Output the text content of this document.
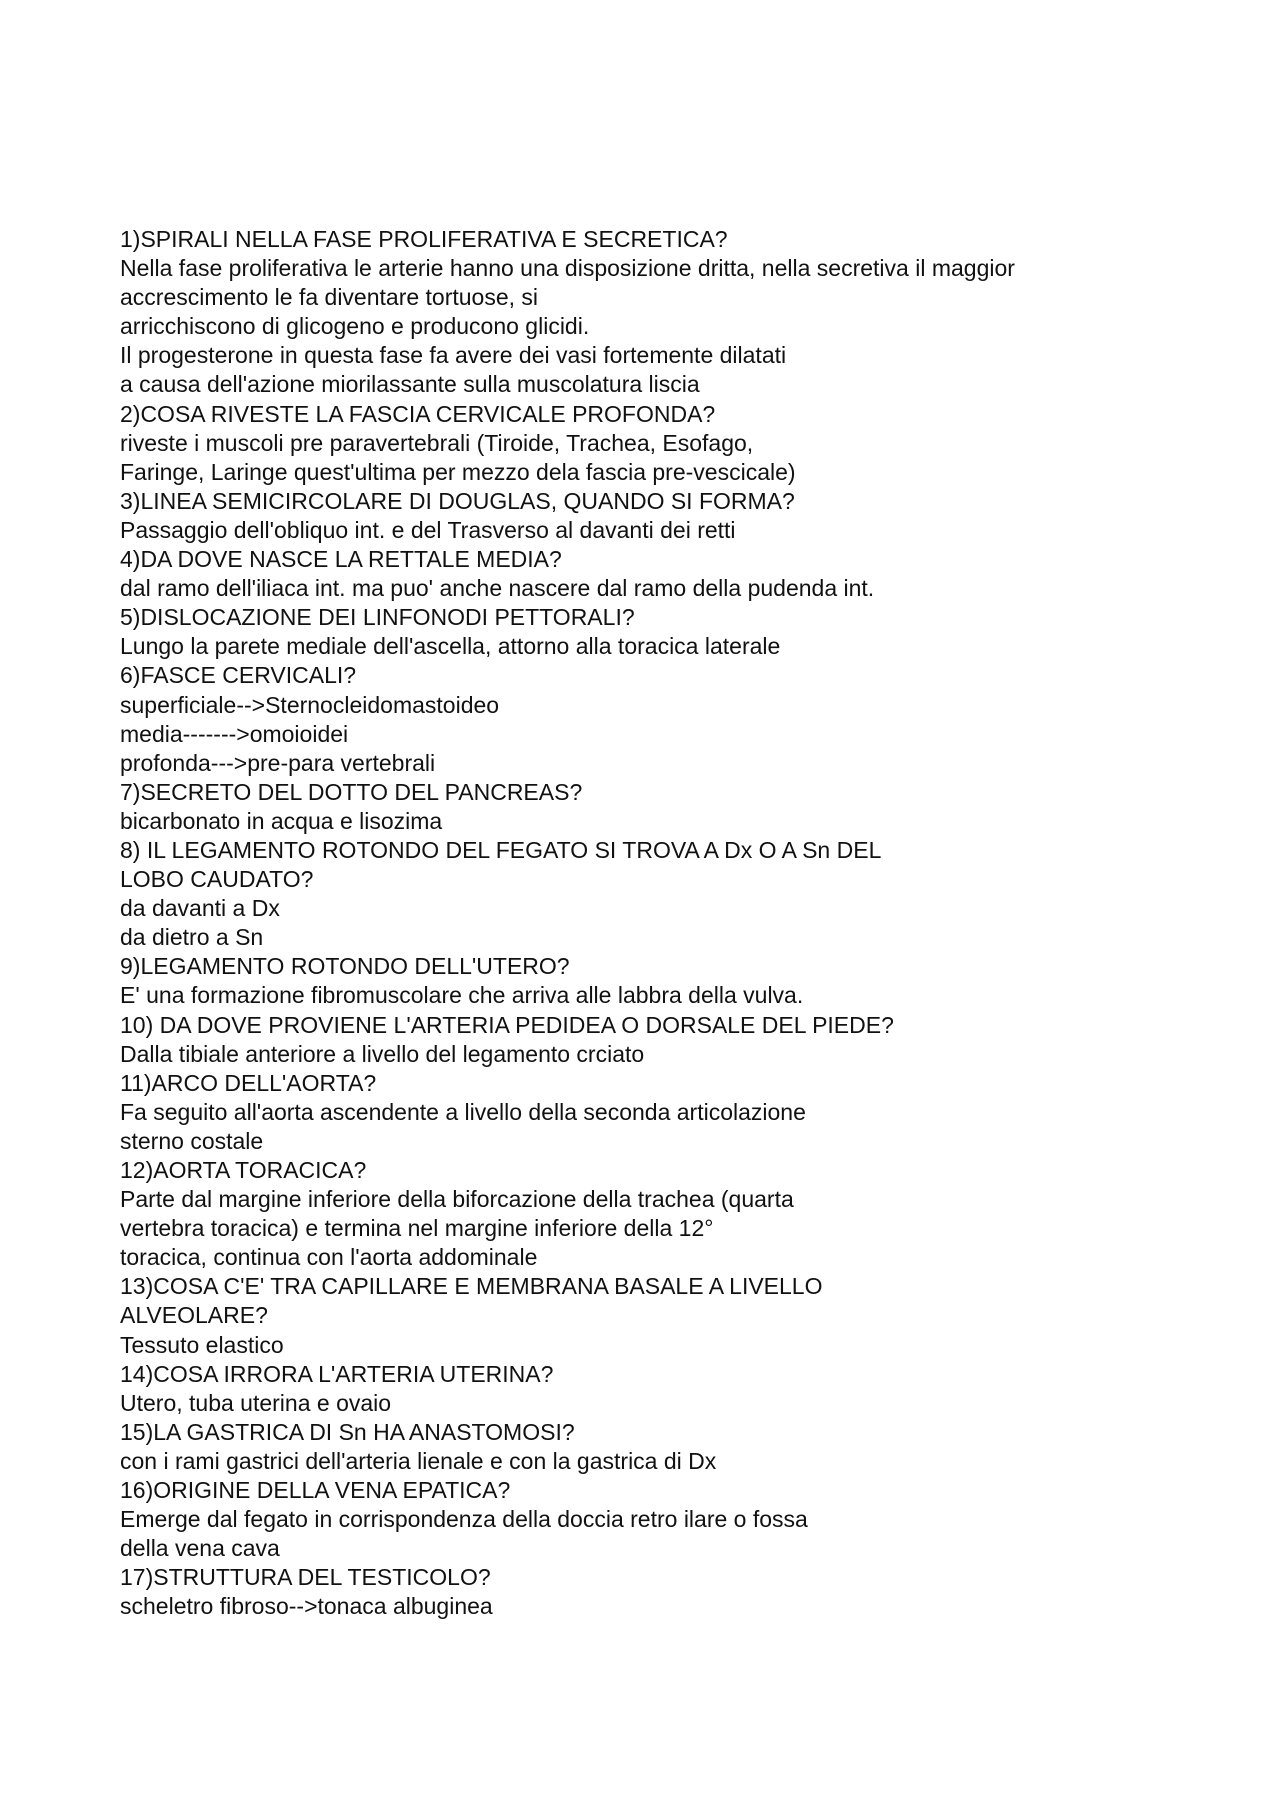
1)SPIRALI NELLA FASE PROLIFERATIVA E SECRETICA?
Nella fase proliferativa le arterie hanno una disposizione dritta, nella secretiva il maggior
accrescimento le fa diventare tortuose, si
arricchiscono di glicogeno e producono glicidi.
Il progesterone in questa fase fa avere dei vasi fortemente dilatati
a causa dell'azione miorilassante sulla muscolatura liscia
2)COSA RIVESTE LA FASCIA CERVICALE PROFONDA?
riveste i muscoli pre paravertebrali (Tiroide, Trachea, Esofago,
Faringe, Laringe quest'ultima per mezzo dela fascia pre-vescicale)
3)LINEA SEMICIRCOLARE DI DOUGLAS, QUANDO SI FORMA?
Passaggio dell'obliquo int. e del Trasverso al davanti dei retti
4)DA DOVE NASCE LA RETTALE MEDIA?
dal ramo dell'iliaca int. ma puo' anche nascere dal ramo della pudenda int.
5)DISLOCAZIONE DEI LINFONODI PETTORALI?
Lungo la parete mediale dell'ascella, attorno alla toracica laterale
6)FASCE CERVICALI?
superficiale-->Sternocleidomastoideo
media------->omoioidei
profonda--->pre-para vertebrali
7)SECRETO DEL DOTTO DEL PANCREAS?
bicarbonato in acqua e lisozima
8) IL LEGAMENTO ROTONDO DEL FEGATO SI TROVA A Dx O A Sn DEL
LOBO CAUDATO?
da davanti a Dx
da dietro a Sn
9)LEGAMENTO ROTONDO DELL'UTERO?
E' una formazione fibromuscolare che arriva alle labbra della vulva.
10) DA DOVE PROVIENE L'ARTERIA PEDIDEA O DORSALE DEL PIEDE?
Dalla tibiale anteriore a livello del legamento crciato
11)ARCO DELL'AORTA?
Fa seguito all'aorta ascendente a livello della seconda articolazione
sterno costale
12)AORTA TORACICA?
Parte dal margine inferiore della biforcazione della trachea (quarta
vertebra toracica) e termina nel margine inferiore della 12°
toracica, continua con l'aorta addominale
13)COSA C'E' TRA CAPILLARE E MEMBRANA BASALE A LIVELLO
ALVEOLARE?
Tessuto elastico
14)COSA IRRORA L'ARTERIA UTERINA?
Utero, tuba uterina e ovaio
15)LA GASTRICA DI Sn HA ANASTOMOSI?
con i rami gastrici dell'arteria lienale e con la gastrica di Dx
16)ORIGINE DELLA VENA EPATICA?
Emerge dal fegato in corrispondenza della doccia retro ilare o fossa
della vena cava
17)STRUTTURA DEL TESTICOLO?
scheletro fibroso-->tonaca albuginea
